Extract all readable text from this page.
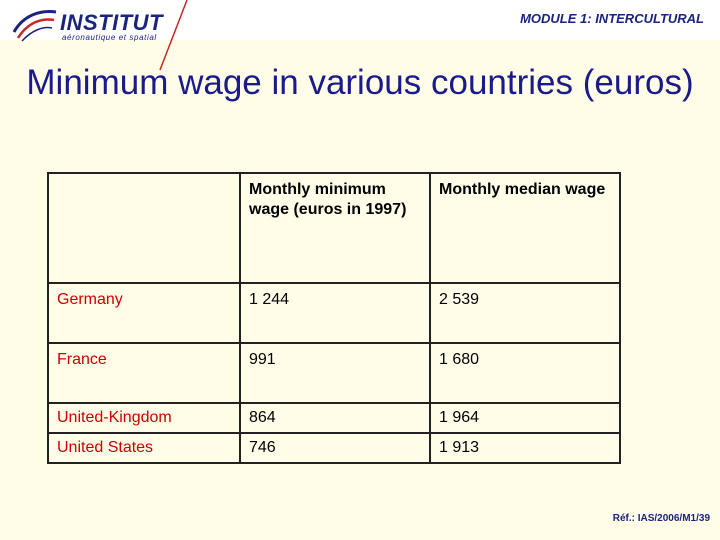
INSTITUT
aéronautique et spatial
MODULE 1: INTERCULTURAL
Minimum wage in various countries (euros)
	Monthly minimum wage (euros in 1997)	Monthly median wage
Germany	1 244	2 539
France	991	1 680
United-Kingdom	864	1 964
United States	746	1 913
Réf.: IAS/2006/M1/39
